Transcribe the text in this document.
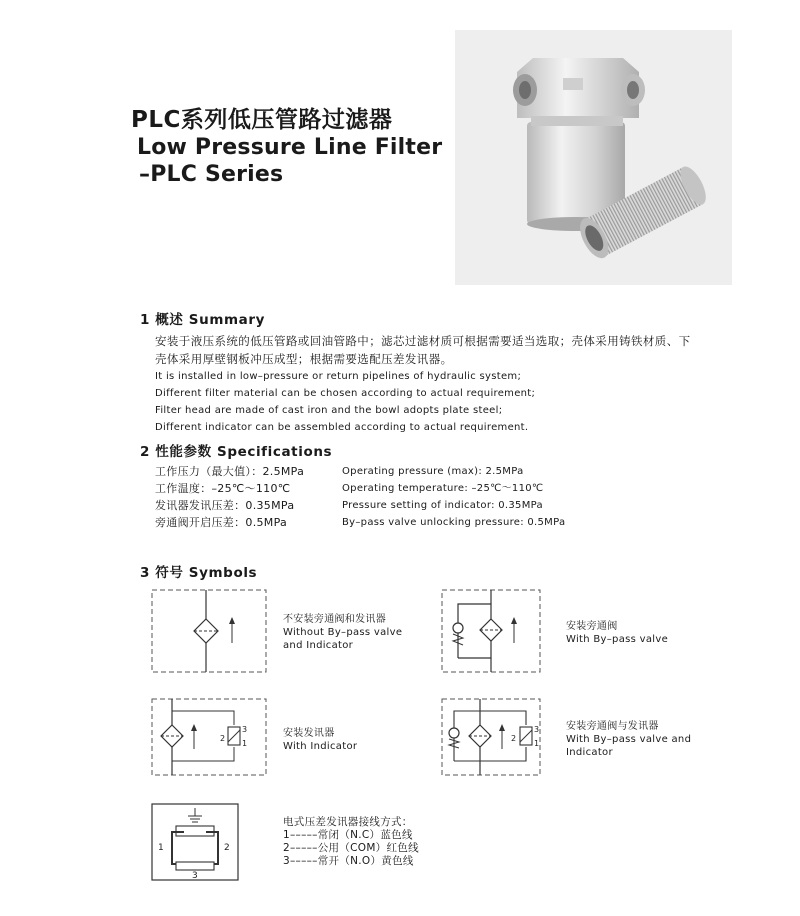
PLC系列低压管路过滤器
Low Pressure Line Filter
–PLC Series
1 概述 Summary
安装于液压系统的低压管路或回油管路中；滤芯过滤材质可根据需要适当选取；壳体采用铸铁材质、下
壳体采用厚壁钢板冲压成型；根据需要选配压差发讯器。
It is installed in low–pressure or return pipelines of hydraulic system;
Different filter material can be chosen according to actual requirement;
Filter head are made of cast iron and the bowl adopts plate steel;
Different indicator can be assembled according to actual requirement.
2 性能参数 Specifications
工作压力（最大值）：2.5MPa
工作温度：–25℃～110℃
发讯器发讯压差：0.35MPa
旁通阀开启压差：0.5MPa
Operating pressure (max): 2.5MPa
Operating temperature: –25℃～110℃
Pressure setting of indicator: 0.35MPa
By–pass valve unlocking pressure: 0.5MPa
3 符号 Symbols
不安装旁通阀和发讯器
Without By–pass valve
and Indicator
安装旁通阀
With By–pass valve
3
1
2	安装发讯器
With Indicator
3
1
2
安装旁通阀与发讯器
With By–pass valve and
Indicator
1	2
3
电式压差发讯器接线方式：
1–––––常闭（N.C）蓝色线
2–––––公用（COM）红色线
3–––––常开（N.O）黄色线
